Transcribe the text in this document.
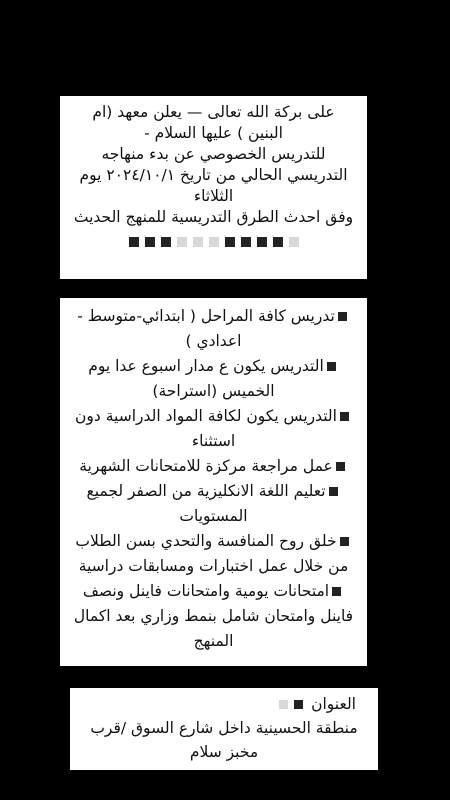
على بركة الله تعالى — يعلن معهد (ام
البنين ) عليها السلام -
للتدريس الخصوصي عن بدء منهاجه
التدريسي الحالي من تاريخ ٢٠٢٤/١٠/١ يوم
الثلاثاء
وفق احدث الطرق التدريسية للمنهج الحديث

تدريس كافة المراحل ( ابتدائي-متوسط - اعدادي )

التدريس يكون ع مدار اسبوع عدا يوم الخميس (استراحة)

التدريس يكون لكافة المواد الدراسية دون استثناء

عمل مراجعة مركزة للامتحانات الشهرية

تعليم اللغة الانكليزية من الصفر لجميع المستويات

خلق روح المنافسة والتحدي بسن الطلاب من خلال عمل اختبارات ومسابقات دراسية

امتحانات يومية وامتحانات فاينل ونصف فاينل وامتحان شامل بنمط وزاري بعد اكمال المنهج

العنوان
منطقة الحسينية داخل شارع السوق /قرب
مخبز سلام
